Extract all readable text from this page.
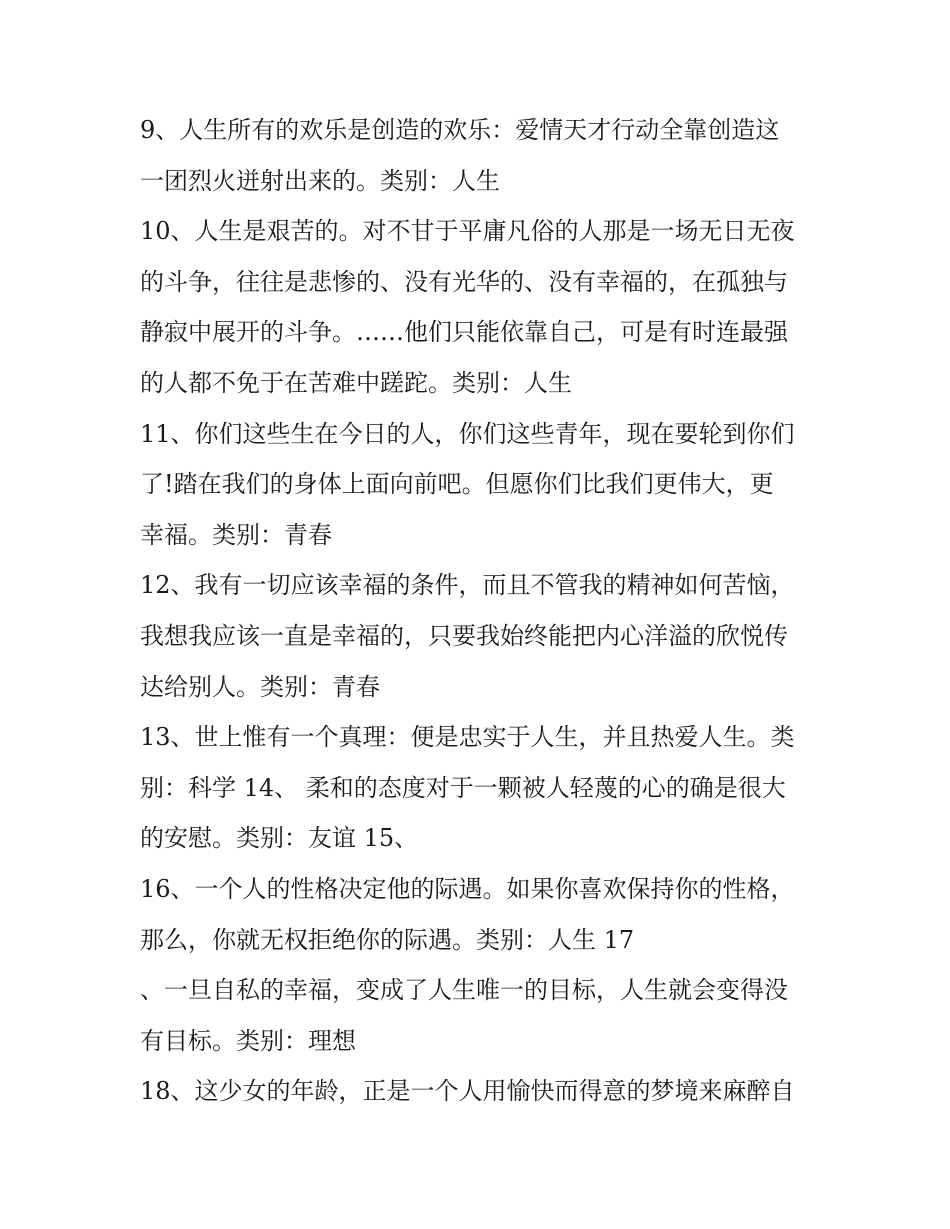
9、人生所有的欢乐是创造的欢乐：爱情天才行动全靠创造这
一团烈火迸射出来的。类别：人生
10、人生是艰苦的。对不甘于平庸凡俗的人那是一场无日无夜
的斗争，往往是悲惨的、没有光华的、没有幸福的，在孤独与
静寂中展开的斗争。……他们只能依靠自己，可是有时连最强
的人都不免于在苦难中蹉跎。类别：人生
11、你们这些生在今日的人，你们这些青年，现在要轮到你们
了!踏在我们的身体上面向前吧。但愿你们比我们更伟大，更
幸福。类别：青春
12、我有一切应该幸福的条件，而且不管我的精神如何苦恼，
我想我应该一直是幸福的，只要我始终能把内心洋溢的欣悦传
达给别人。类别：青春
13、世上惟有一个真理：便是忠实于人生，并且热爱人生。类
别：科学 14、 柔和的态度对于一颗被人轻蔑的心的确是很大
的安慰。类别：友谊 15、
16、一个人的性格决定他的际遇。如果你喜欢保持你的性格，
那么，你就无权拒绝你的际遇。类别：人生 17
、一旦自私的幸福，变成了人生唯一的目标，人生就会变得没
有目标。类别：理想
18、这少女的年龄，正是一个人用愉快而得意的梦境来麻醉自
